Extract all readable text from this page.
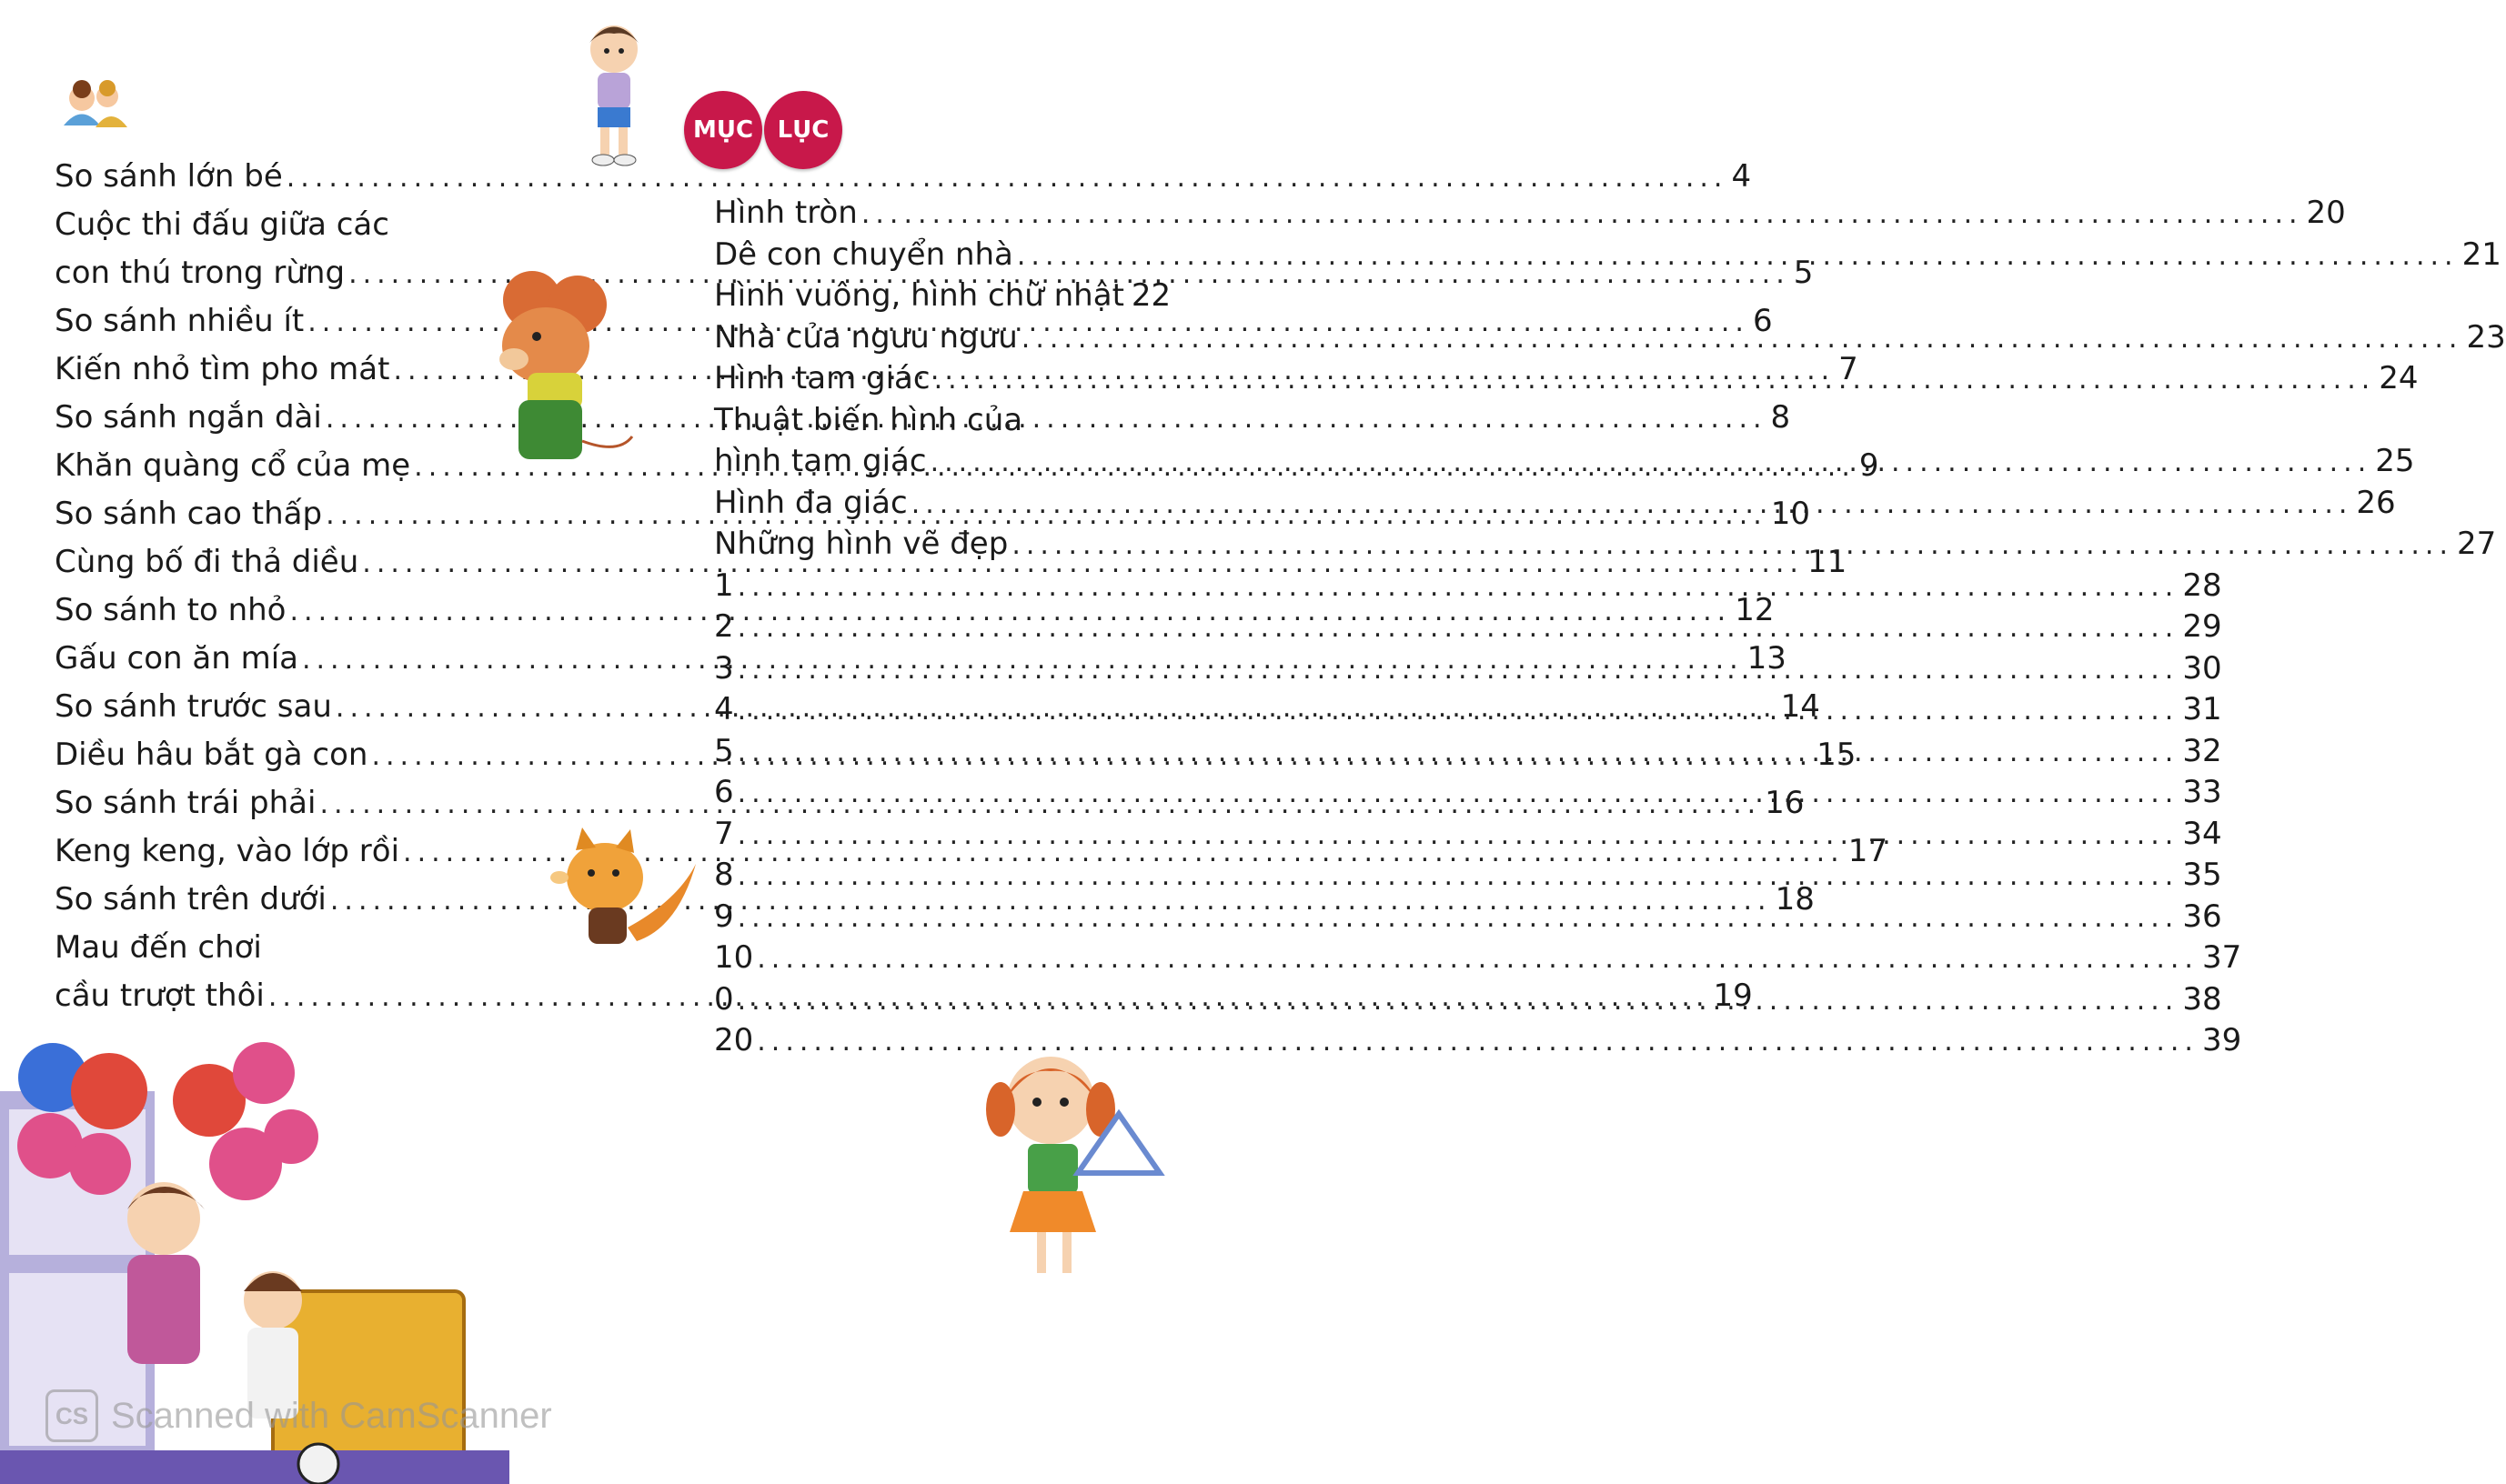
MỤC	LỤC
So sánh lớn bé .....	4
Cuộc thi đấu giữa các
con thú trong rừng .....	5
So sánh nhiều ít .....	6
Kiến nhỏ tìm pho mát .....	7
So sánh ngắn dài .....	8
Khăn quàng cổ của mẹ .....	9
So sánh cao thấp .....	10
Cùng bố đi thả diều .....	11
So sánh to nhỏ .....	12
Gấu con ăn mía .....	13
So sánh trước sau .....	14
Diều hâu bắt gà con .....	15
So sánh trái phải .....	16
Keng keng, vào lớp rồi .....	17
So sánh trên dưới .....	18
Mau đến chơi
cầu trượt thôi .....	19
Hình tròn .....	20
Dê con chuyển nhà .....	21
Hình vuông, hình chữ nhật 22
Nhà của ngưu ngưu .....	23
Hình tam giác .....	24
Thuật biến hình của
hình tam giác .....	25
Hình đa giác .....	26
Những hình vẽ đẹp .....	27
1 .....	28
2 .....	29
3 .....	30
4 .....	31
5 .....	32
6 .....	33
7 .....	34
8 .....	35
9 .....	36
10 .....	37
0 .....	38
20 .....	39
CS Scanned with CamScanner
